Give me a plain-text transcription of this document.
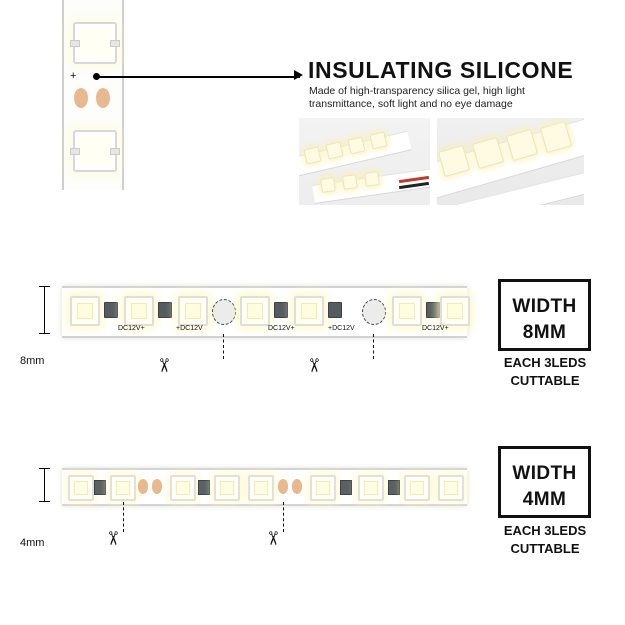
+	INSULATING SILICONE
Made of high-transparency silica gel, high light transmittance, soft light and no eye damage
8mm
DC12V+	+DC12V	DC12V+	+DC12V	DC12V+
✂	✂
WIDTH
8MM
EACH 3LEDS
CUTTABLE
4mm	✂	✂
WIDTH
4MM
EACH 3LEDS
CUTTABLE
